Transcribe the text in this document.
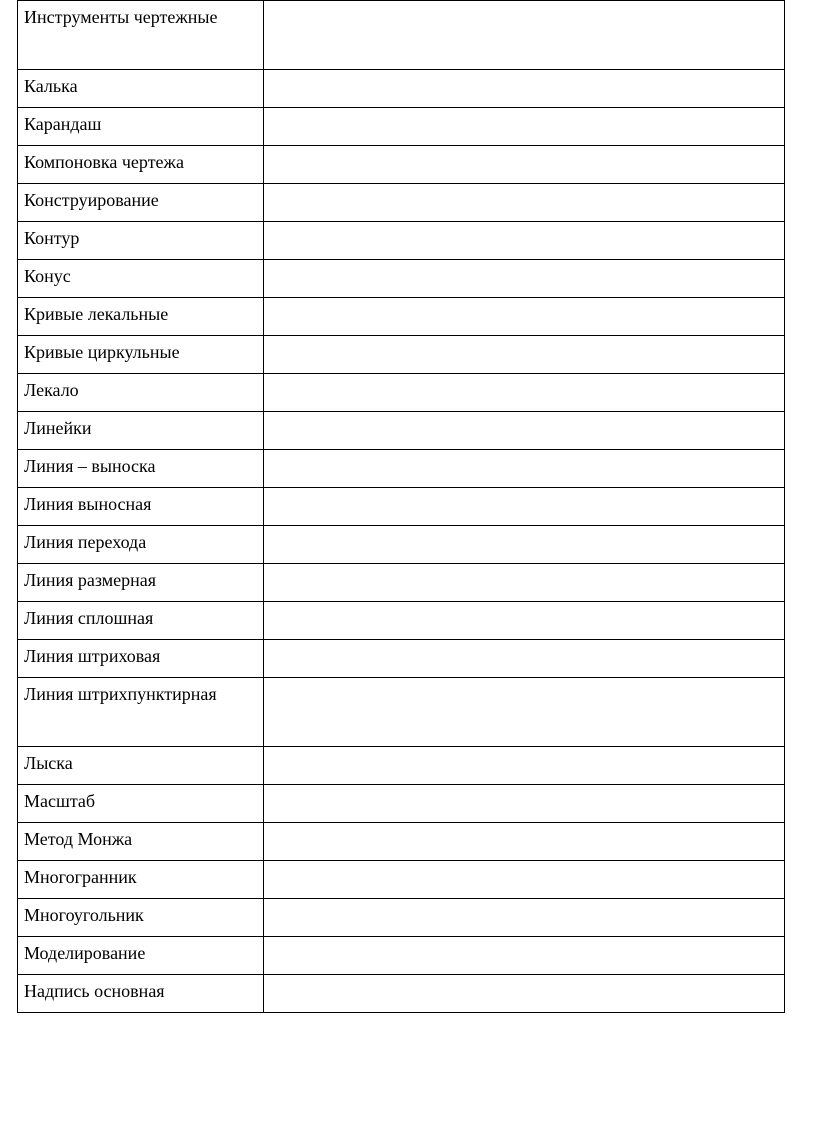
Инструменты чертежные	
Калька	
Карандаш	
Компоновка чертежа	
Конструирование	
Контур	
Конус	
Кривые лекальные	
Кривые циркульные	
Лекало	
Линейки	
Линия – выноска	
Линия выносная	
Линия перехода	
Линия размерная	
Линия сплошная	
Линия штриховая	
Линия штрихпунктирная	
Лыска	
Масштаб	
Метод Монжа	
Многогранник	
Многоугольник	
Моделирование	
Надпись основная	
